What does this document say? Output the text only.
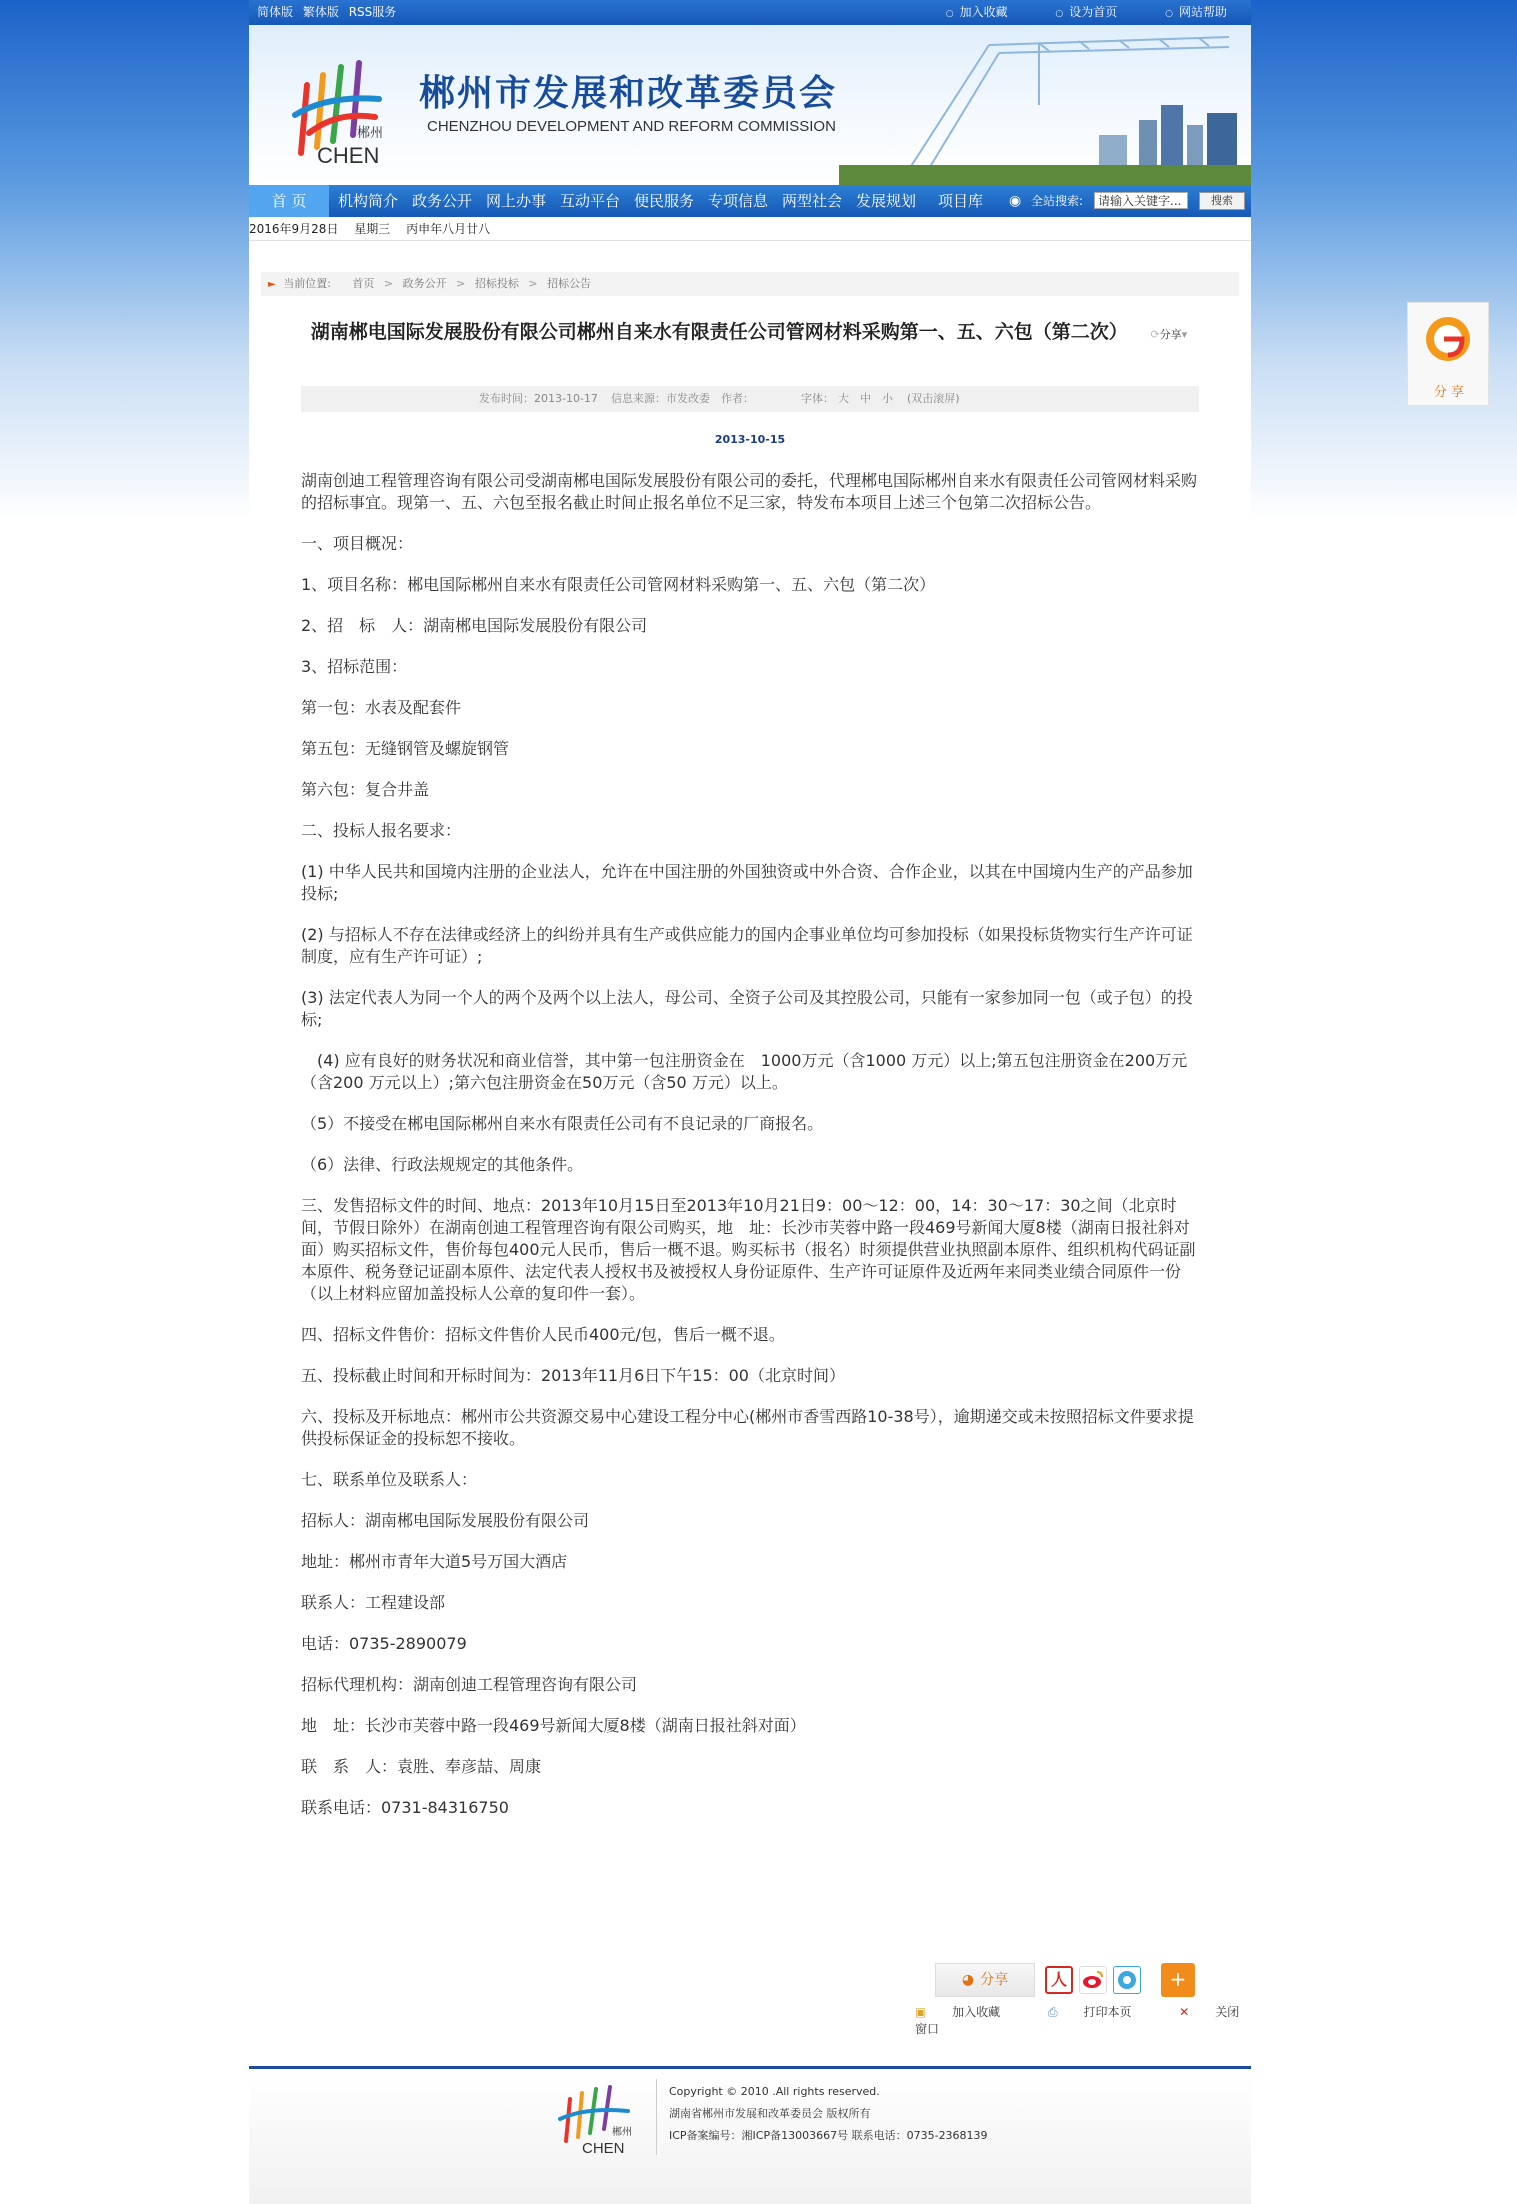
简体版 繁体版 RSS服务	○ 加入收藏	○ 设为首页	○ 网站帮助
郴州
CHEN
郴州市发展和改革委员会
CHENZHOU DEVELOPMENT AND REFORM COMMISSION
首 页	机构简介 政务公开 网上办事 互动平台 便民服务 专项信息 两型社会 发展规划 项目库 ◉ 全站搜索:
请输入关键字...	搜索
2016年9月28日 星期三 丙申年八月廿八
► 当前位置: 首页 > 政务公开 > 招标投标 > 招标公告
湖南郴电国际发展股份有限公司郴州自来水有限责任公司管网材料采购第一、五、六包（第二次） ⟳分享▾
发布时间：2013-10-17 信息来源：市发改委 作者：	字体： 大 中 小 (双击滚屏)
2013-10-15

湖南创迪工程管理咨询有限公司受湖南郴电国际发展股份有限公司的委托，代理郴电国际郴州自来水有限责任公司管网材料采购的招标事宜。现第一、五、六包至报名截止时间止报名单位不足三家，特发布本项目上述三个包第二次招标公告。

一、项目概况：

1、项目名称：郴电国际郴州自来水有限责任公司管网材料采购第一、五、六包（第二次）

2、招　标　人：湖南郴电国际发展股份有限公司

3、招标范围：

第一包：水表及配套件

第五包：无缝钢管及螺旋钢管

第六包：复合井盖

二、投标人报名要求：

(1) 中华人民共和国境内注册的企业法人，允许在中国注册的外国独资或中外合资、合作企业，以其在中国境内生产的产品参加投标;

(2) 与招标人不存在法律或经济上的纠纷并具有生产或供应能力的国内企事业单位均可参加投标（如果投标货物实行生产许可证制度，应有生产许可证）;

(3) 法定代表人为同一个人的两个及两个以上法人，母公司、全资子公司及其控股公司，只能有一家参加同一包（或子包）的投标;

　(4) 应有良好的财务状况和商业信誉，其中第一包注册资金在　1000万元（含1000 万元）以上;第五包注册资金在200万元（含200 万元以上）;第六包注册资金在50万元（含50 万元）以上。

（5）不接受在郴电国际郴州自来水有限责任公司有不良记录的厂商报名。

（6）法律、行政法规规定的其他条件。

三、发售招标文件的时间、地点：2013年10月15日至2013年10月21日9：00～12：00，14：30～17：30之间（北京时间，节假日除外）在湖南创迪工程管理咨询有限公司购买，地　址：长沙市芙蓉中路一段469号新闻大厦8楼（湖南日报社斜对面）购买招标文件，售价每包400元人民币，售后一概不退。购买标书（报名）时须提供营业执照副本原件、组织机构代码证副本原件、税务登记证副本原件、法定代表人授权书及被授权人身份证原件、生产许可证原件及近两年来同类业绩合同原件一份（以上材料应留加盖投标人公章的复印件一套）。

四、招标文件售价：招标文件售价人民币400元/包，售后一概不退。

五、投标截止时间和开标时间为：2013年11月6日下午15：00（北京时间）

六、投标及开标地点：郴州市公共资源交易中心建设工程分中心(郴州市香雪西路10-38号），逾期递交或未按照招标文件要求提供投标保证金的投标恕不接收。

七、联系单位及联系人：

招标人：湖南郴电国际发展股份有限公司

地址：郴州市青年大道5号万国大酒店

联系人：工程建设部

电话：0735-2890079

招标代理机构：湖南创迪工程管理咨询有限公司

地　址：长沙市芙蓉中路一段469号新闻大厦8楼（湖南日报社斜对面）

联　系　人：袁胜、奉彦喆、周康

联系电话：0731-84316750

◕ 分享	人	+
▣ 加入收藏	⎙ 打印本页	✕ 关闭窗口
郴州
CHEN
Copyright © 2010 .All rights reserved.
湖南省郴州市发展和改革委员会 版权所有
ICP备案编号：湘ICP备13003667号 联系电话：0735-2368139
分 享
